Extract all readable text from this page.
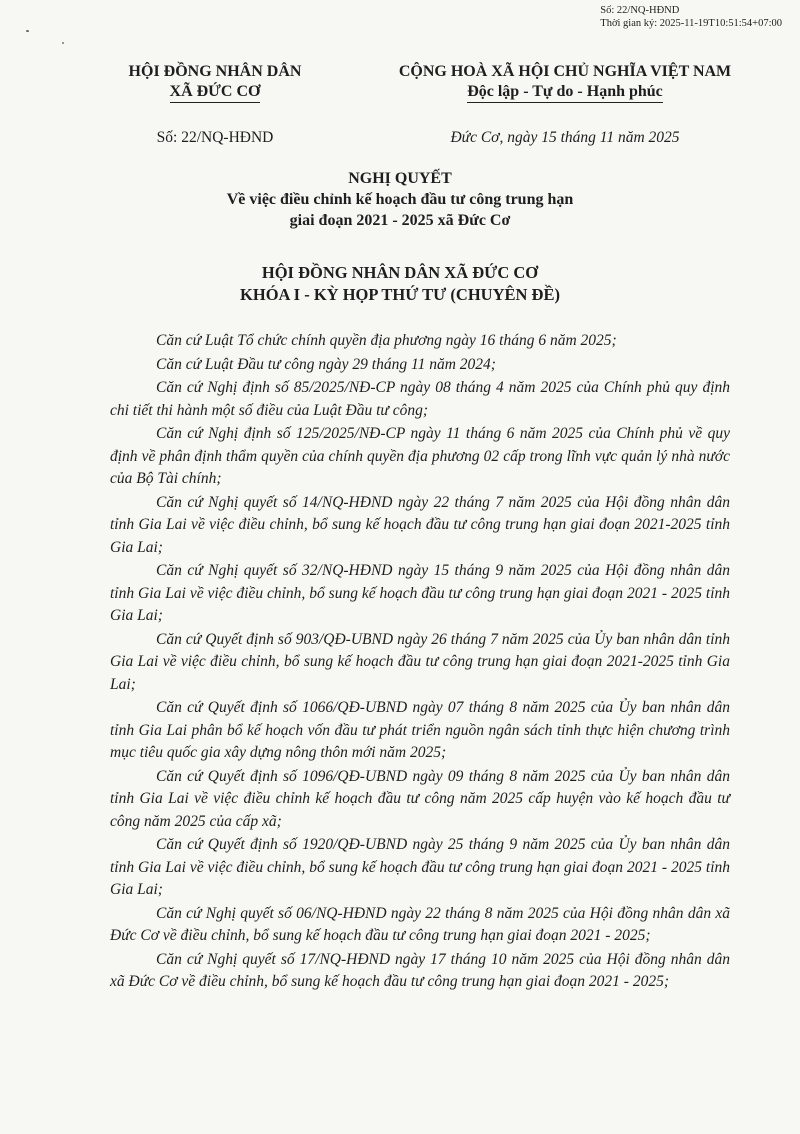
Số: 22/NQ-HĐND
Thời gian ký: 2025-11-19T10:51:54+07:00
HỘI ĐỒNG NHÂN DÂN
XÃ ĐỨC CƠ
Số: 22/NQ-HĐND
CỘNG HOÀ XÃ HỘI CHỦ NGHĨA VIỆT NAM
Độc lập - Tự do - Hạnh phúc
Đức Cơ, ngày 15 tháng 11 năm 2025
NGHỊ QUYẾT
Về việc điều chỉnh kế hoạch đầu tư công trung hạn
giai đoạn 2021 - 2025 xã Đức Cơ
HỘI ĐỒNG NHÂN DÂN XÃ ĐỨC CƠ
KHÓA I - KỲ HỌP THỨ TƯ (CHUYÊN ĐỀ)

Căn cứ Luật Tổ chức chính quyền địa phương ngày 16 tháng 6 năm 2025;

Căn cứ Luật Đầu tư công ngày 29 tháng 11 năm 2024;

Căn cứ Nghị định số 85/2025/NĐ-CP ngày 08 tháng 4 năm 2025 của Chính phủ quy định chi tiết thi hành một số điều của Luật Đầu tư công;

Căn cứ Nghị định số 125/2025/NĐ-CP ngày 11 tháng 6 năm 2025 của Chính phủ về quy định về phân định thẩm quyền của chính quyền địa phương 02 cấp trong lĩnh vực quản lý nhà nước của Bộ Tài chính;

Căn cứ Nghị quyết số 14/NQ-HĐND ngày 22 tháng 7 năm 2025 của Hội đồng nhân dân tỉnh Gia Lai về việc điều chỉnh, bổ sung kế hoạch đầu tư công trung hạn giai đoạn 2021-2025 tỉnh Gia Lai;

Căn cứ Nghị quyết số 32/NQ-HĐND ngày 15 tháng 9 năm 2025 của Hội đồng nhân dân tỉnh Gia Lai về việc điều chỉnh, bổ sung kế hoạch đầu tư công trung hạn giai đoạn 2021 - 2025 tỉnh Gia Lai;

Căn cứ Quyết định số 903/QĐ-UBND ngày 26 tháng 7 năm 2025 của Ủy ban nhân dân tỉnh Gia Lai về việc điều chỉnh, bổ sung kế hoạch đầu tư công trung hạn giai đoạn 2021-2025 tỉnh Gia Lai;

Căn cứ Quyết định số 1066/QĐ-UBND ngày 07 tháng 8 năm 2025 của Ủy ban nhân dân tỉnh Gia Lai phân bổ kế hoạch vốn đầu tư phát triển nguồn ngân sách tỉnh thực hiện chương trình mục tiêu quốc gia xây dựng nông thôn mới năm 2025;

Căn cứ Quyết định số 1096/QĐ-UBND ngày 09 tháng 8 năm 2025 của Ủy ban nhân dân tỉnh Gia Lai về việc điều chỉnh kế hoạch đầu tư công năm 2025 cấp huyện vào kế hoạch đầu tư công năm 2025 của cấp xã;

Căn cứ Quyết định số 1920/QĐ-UBND ngày 25 tháng 9 năm 2025 của Ủy ban nhân dân tỉnh Gia Lai về việc điều chỉnh, bổ sung kế hoạch đầu tư công trung hạn giai đoạn 2021 - 2025 tỉnh Gia Lai;

Căn cứ Nghị quyết số 06/NQ-HĐND ngày 22 tháng 8 năm 2025 của Hội đồng nhân dân xã Đức Cơ về điều chỉnh, bổ sung kế hoạch đầu tư công trung hạn giai đoạn 2021 - 2025;

Căn cứ Nghị quyết số 17/NQ-HĐND ngày 17 tháng 10 năm 2025 của Hội đồng nhân dân xã Đức Cơ về điều chỉnh, bổ sung kế hoạch đầu tư công trung hạn giai đoạn 2021 - 2025;
